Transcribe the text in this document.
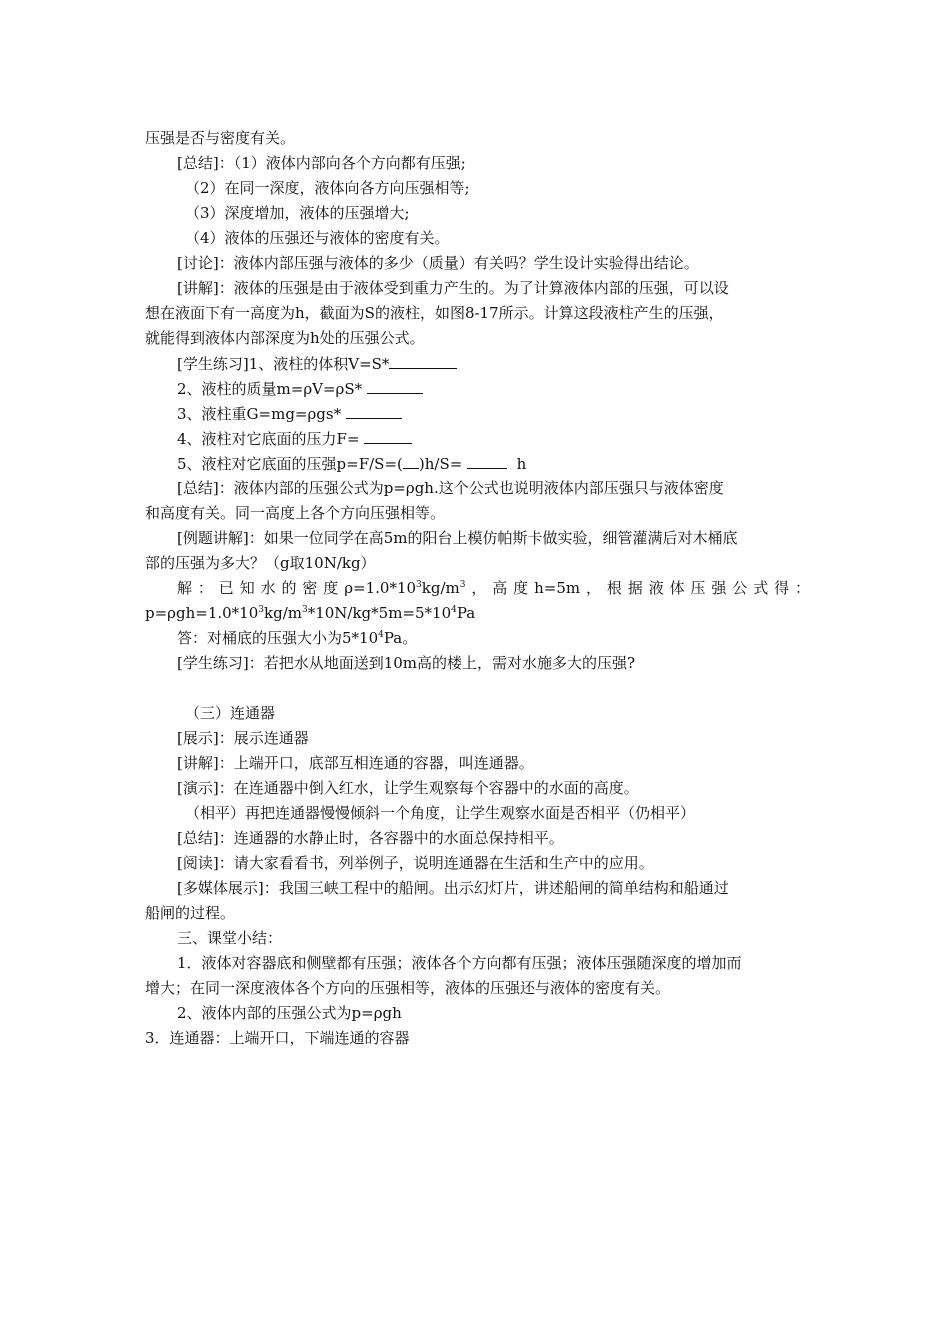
压强是否与密度有关。
[总结]：（1）液体内部向各个方向都有压强;
（2）在同一深度，液体向各方向压强相等;
（3）深度增加，液体的压强增大;
（4）液体的压强还与液体的密度有关。
[讨论]：液体内部压强与液体的多少（质量）有关吗？学生设计实验得出结论。
[讲解]：液体的压强是由于液体受到重力产生的。为了计算液体内部的压强，可以设
想在液面下有一高度为h，截面为S的液柱，如图8-17所示。计算这段液柱产生的压强，
就能得到液体内部深度为h处的压强公式。
[学生练习]1、液柱的体积V=S*
2、液柱的质量m=ρV=ρS*
3、液柱重G=mg=ρgs*
4、液柱对它底面的压力F=
5、液柱对它底面的压强p=F/S=( )h/S=	h
[总结]：液体内部的压强公式为p=ρgh.这个公式也说明液体内部压强只与液体密度
和高度有关。同一高度上各个方向压强相等。
[例题讲解]：如果一位同学在高5m的阳台上模仿帕斯卡做实验，细管灌满后对木桶底
部的压强为多大？（g取10N/kg）
解：已知水的密度$\rho=1.0*10^3kg/m^3$，高度h=5m，根据液体压强公式得：
$p=\rho gh=1.0*10^3kg/m^3*10N/kg*5m=5*10^4Pa$
答：对桶底的压强大小为$5*10^4Pa$。
[学生练习]：若把水从地面送到10m高的楼上，需对水施多大的压强?
（三）连通器
[展示]：展示连通器
[讲解]：上端开口，底部互相连通的容器，叫连通器。
[演示]：在连通器中倒入红水，让学生观察每个容器中的水面的高度。
（相平）再把连通器慢慢倾斜一个角度，让学生观察水面是否相平（仍相平）
[总结]：连通器的水静止时，各容器中的水面总保持相平。
[阅读]：请大家看看书，列举例子，说明连通器在生活和生产中的应用。
[多媒体展示]：我国三峡工程中的船闸。出示幻灯片，讲述船闸的简单结构和船通过
船闸的过程。
三、课堂小结：
1．液体对容器底和侧壁都有压强；液体各个方向都有压强；液体压强随深度的增加而
增大；在同一深度液体各个方向的压强相等，液体的压强还与液体的密度有关。
2、液体内部的压强公式为p=ρgh
3．连通器：上端开口，下端连通的容器
